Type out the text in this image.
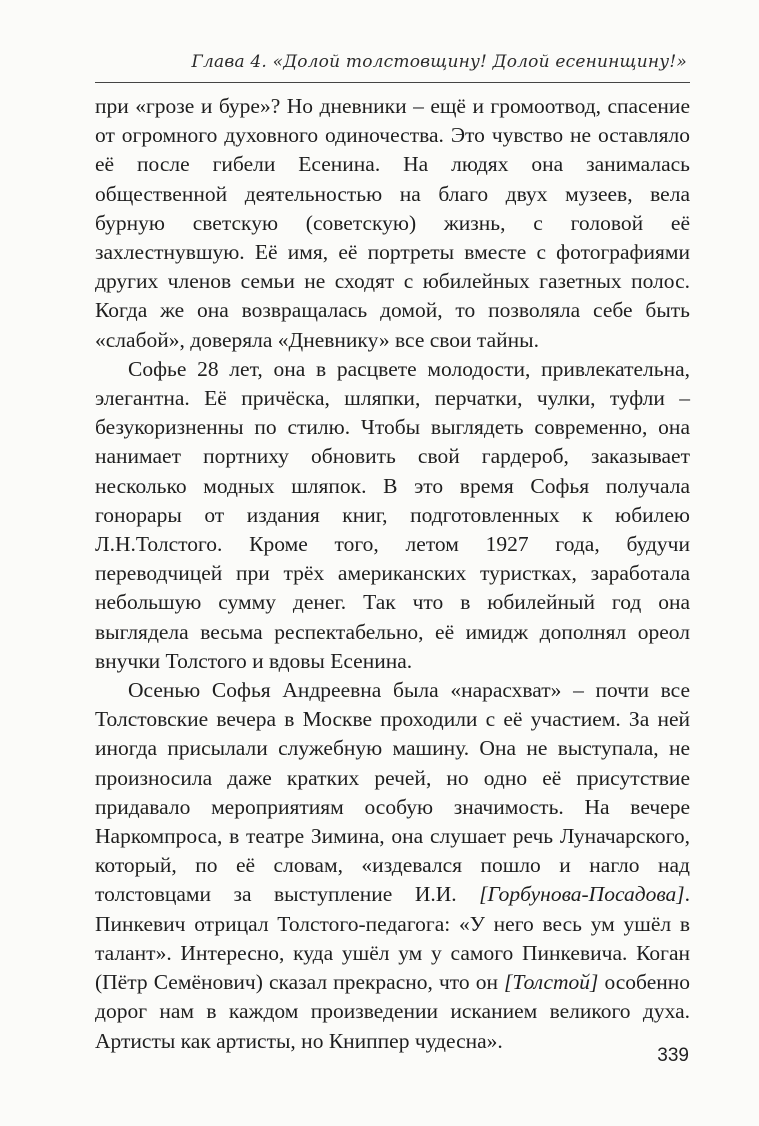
Глава 4. «Долой толстовщину! Долой есенинщину!»

при «грозе и буре»? Но дневники – ещё и громоотвод, спасение от огромного духовного одиночества. Это чувство не оставляло её после гибели Есенина. На людях она занималась общественной деятельностью на благо двух музеев, вела бурную светскую (советскую) жизнь, с головой её захлестнувшую. Её имя, её портреты вместе с фотографиями других членов семьи не сходят с юбилейных газетных полос. Когда же она возвращалась домой, то позволяла себе быть «слабой», доверяла «Дневнику» все свои тайны.

Софье 28 лет, она в расцвете молодости, привлекательна, элегантна. Её причёска, шляпки, перчатки, чулки, туфли – безукоризненны по стилю. Чтобы выглядеть современно, она нанимает портниху обновить свой гардероб, заказывает несколько модных шляпок. В это время Софья получала гонорары от издания книг, подготовленных к юбилею Л.Н.Толстого. Кроме того, летом 1927 года, будучи переводчицей при трёх американских туристках, заработала небольшую сумму денег. Так что в юбилейный год она выглядела весьма респектабельно, её имидж дополнял ореол внучки Толстого и вдовы Есенина.

Осенью Софья Андреевна была «нарасхват» – почти все Толстовские вечера в Москве проходили с её участием. За ней иногда присылали служебную машину. Она не выступала, не произносила даже кратких речей, но одно её присутствие придавало мероприятиям особую значимость. На вечере Наркомпроса, в театре Зимина, она слушает речь Луначарского, который, по её словам, «издевался пошло и нагло над толстовцами за выступление И.И. [Горбунова-Посадова]. Пинкевич отрицал Толстого-педагога: «У него весь ум ушёл в талант». Интересно, куда ушёл ум у самого Пинкевича. Коган (Пётр Семёнович) сказал прекрасно, что он [Толстой] особенно дорог нам в каждом произведении исканием великого духа. Артисты как артисты, но Книппер чудесна».

339
